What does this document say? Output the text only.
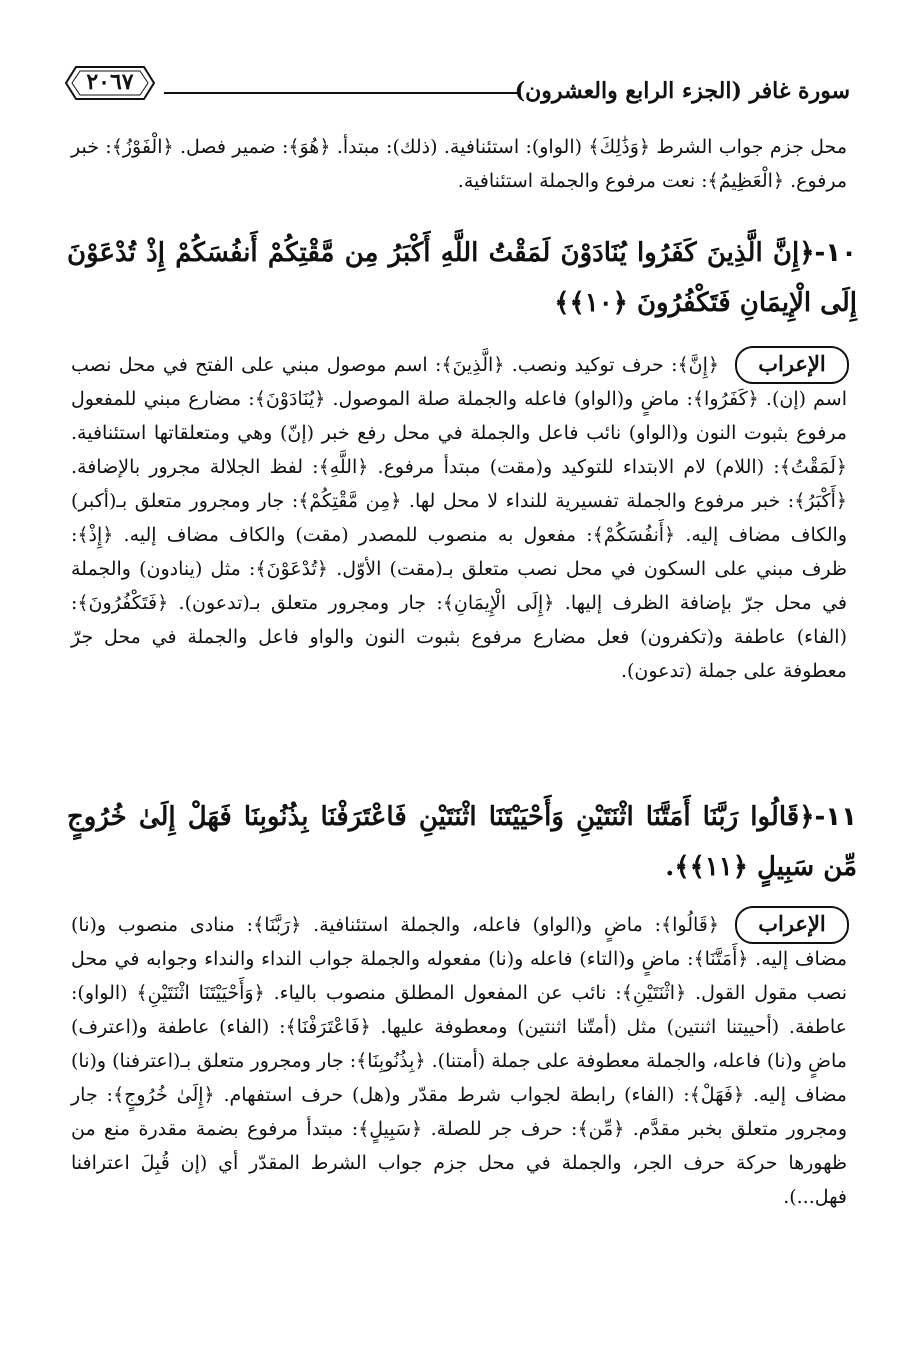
سورة غافر (الجزء الرابع والعشرون)
٢٠٦٧
محل جزم جواب الشرط ﴿وَذَٰلِكَ﴾ (الواو): استئنافية. (ذلك): مبتدأ. ﴿هُوَ﴾: ضمير فصل. ﴿الْفَوْزُ﴾: خبر مرفوع. ﴿الْعَظِيمُ﴾: نعت مرفوع والجملة استئنافية.
١٠-﴿إِنَّ الَّذِينَ كَفَرُوا يُنَادَوْنَ لَمَقْتُ اللَّهِ أَكْبَرُ مِن مَّقْتِكُمْ أَنفُسَكُمْ إِذْ تُدْعَوْنَ إِلَى الْإِيمَانِ فَتَكْفُرُونَ ﴿١٠﴾﴾
الإعراب
﴿إِنَّ﴾: حرف توكيد ونصب. ﴿الَّذِينَ﴾: اسم موصول مبني على الفتح في محل نصب اسم (إن). ﴿كَفَرُوا﴾: ماضٍ و(الواو) فاعله والجملة صلة الموصول. ﴿يُنَادَوْنَ﴾: مضارع مبني للمفعول مرفوع بثبوت النون و(الواو) نائب فاعل والجملة في محل رفع خبر (إنّ) وهي ومتعلقاتها استئنافية. ﴿لَمَقْتُ﴾: (اللام) لام الابتداء للتوكيد و(مقت) مبتدأ مرفوع. ﴿اللَّهِ﴾: لفظ الجلالة مجرور بالإضافة. ﴿أَكْبَرُ﴾: خبر مرفوع والجملة تفسيرية للنداء لا محل لها. ﴿مِن مَّقْتِكُمْ﴾: جار ومجرور متعلق بـ(أكبر) والكاف مضاف إليه. ﴿أَنفُسَكُمْ﴾: مفعول به منصوب للمصدر (مقت) والكاف مضاف إليه. ﴿إِذْ﴾: ظرف مبني على السكون في محل نصب متعلق بـ(مقت) الأوّل. ﴿تُدْعَوْنَ﴾: مثل (ينادون) والجملة في محل جرّ بإضافة الظرف إليها. ﴿إِلَى الْإِيمَانِ﴾: جار ومجرور متعلق بـ(تدعون). ﴿فَتَكْفُرُونَ﴾: (الفاء) عاطفة و(تكفرون) فعل مضارع مرفوع بثبوت النون والواو فاعل والجملة في محل جرّ معطوفة على جملة (تدعون).
١١-﴿قَالُوا رَبَّنَا أَمَتَّنَا اثْنَتَيْنِ وَأَحْيَيْتَنَا اثْنَتَيْنِ فَاعْتَرَفْنَا بِذُنُوبِنَا فَهَلْ إِلَىٰ خُرُوجٍ مِّن سَبِيلٍ ﴿١١﴾﴾.
الإعراب
﴿قَالُوا﴾: ماضٍ و(الواو) فاعله، والجملة استئنافية. ﴿رَبَّنَا﴾: منادى منصوب و(نا) مضاف إليه. ﴿أَمَتَّنَا﴾: ماضٍ و(التاء) فاعله و(نا) مفعوله والجملة جواب النداء والنداء وجوابه في محل نصب مقول القول. ﴿اثْنَتَيْنِ﴾: نائب عن المفعول المطلق منصوب بالياء. ﴿وَأَحْيَيْتَنَا اثْنَتَيْنِ﴾ (الواو): عاطفة. (أحييتنا اثنتين) مثل (أمتّنا اثنتين) ومعطوفة عليها. ﴿فَاعْتَرَفْنَا﴾: (الفاء) عاطفة و(اعترف) ماضٍ و(نا) فاعله، والجملة معطوفة على جملة (أمتنا). ﴿بِذُنُوبِنَا﴾: جار ومجرور متعلق بـ(اعترفنا) و(نا) مضاف إليه. ﴿فَهَلْ﴾: (الفاء) رابطة لجواب شرط مقدّر و(هل) حرف استفهام. ﴿إِلَىٰ خُرُوجٍ﴾: جار ومجرور متعلق بخبر مقدَّم. ﴿مِّن﴾: حرف جر للصلة. ﴿سَبِيلٍ﴾: مبتدأ مرفوع بضمة مقدرة منع من ظهورها حركة حرف الجر، والجملة في محل جزم جواب الشرط المقدّر أي (إن قُبِلَ اعترافنا فهل...).
